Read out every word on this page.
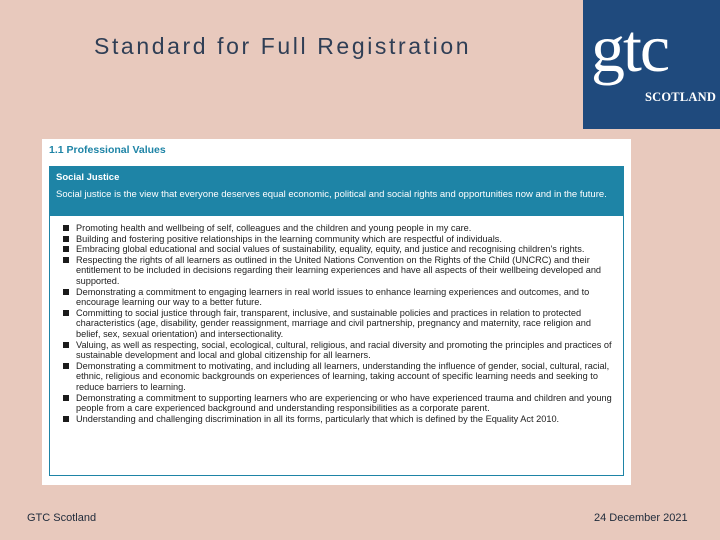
Standard for Full Registration gtc
SCOTLAND
1.1 Professional Values
Social Justice
Social justice is the view that everyone deserves equal economic, political and social rights and opportunities now and in the future.
Promoting health and wellbeing of self, colleagues and the children and young people in my care.
Building and fostering positive relationships in the learning community which are respectful of individuals.
Embracing global educational and social values of sustainability, equality, equity, and justice and recognising children's rights.
Respecting the rights of all learners as outlined in the United Nations Convention on the Rights of the Child (UNCRC) and their entitlement to be included in decisions regarding their learning experiences and have all aspects of their wellbeing developed and supported.
Demonstrating a commitment to engaging learners in real world issues to enhance learning experiences and outcomes, and to encourage learning our way to a better future.
Committing to social justice through fair, transparent, inclusive, and sustainable policies and practices in relation to protected characteristics (age, disability, gender reassignment, marriage and civil partnership, pregnancy and maternity, race religion and belief, sex, sexual orientation) and intersectionality.
Valuing, as well as respecting, social, ecological, cultural, religious, and racial diversity and promoting the principles and practices of sustainable development and local and global citizenship for all learners.
Demonstrating a commitment to motivating, and including all learners, understanding the influence of gender, social, cultural, racial, ethnic, religious and economic backgrounds on experiences of learning, taking account of specific learning needs and seeking to reduce barriers to learning.
Demonstrating a commitment to supporting learners who are experiencing or who have experienced trauma and children and young people from a care experienced background and understanding responsibilities as a corporate parent.
Understanding and challenging discrimination in all its forms, particularly that which is defined by the Equality Act 2010.
GTC Scotland	24 December 2021
